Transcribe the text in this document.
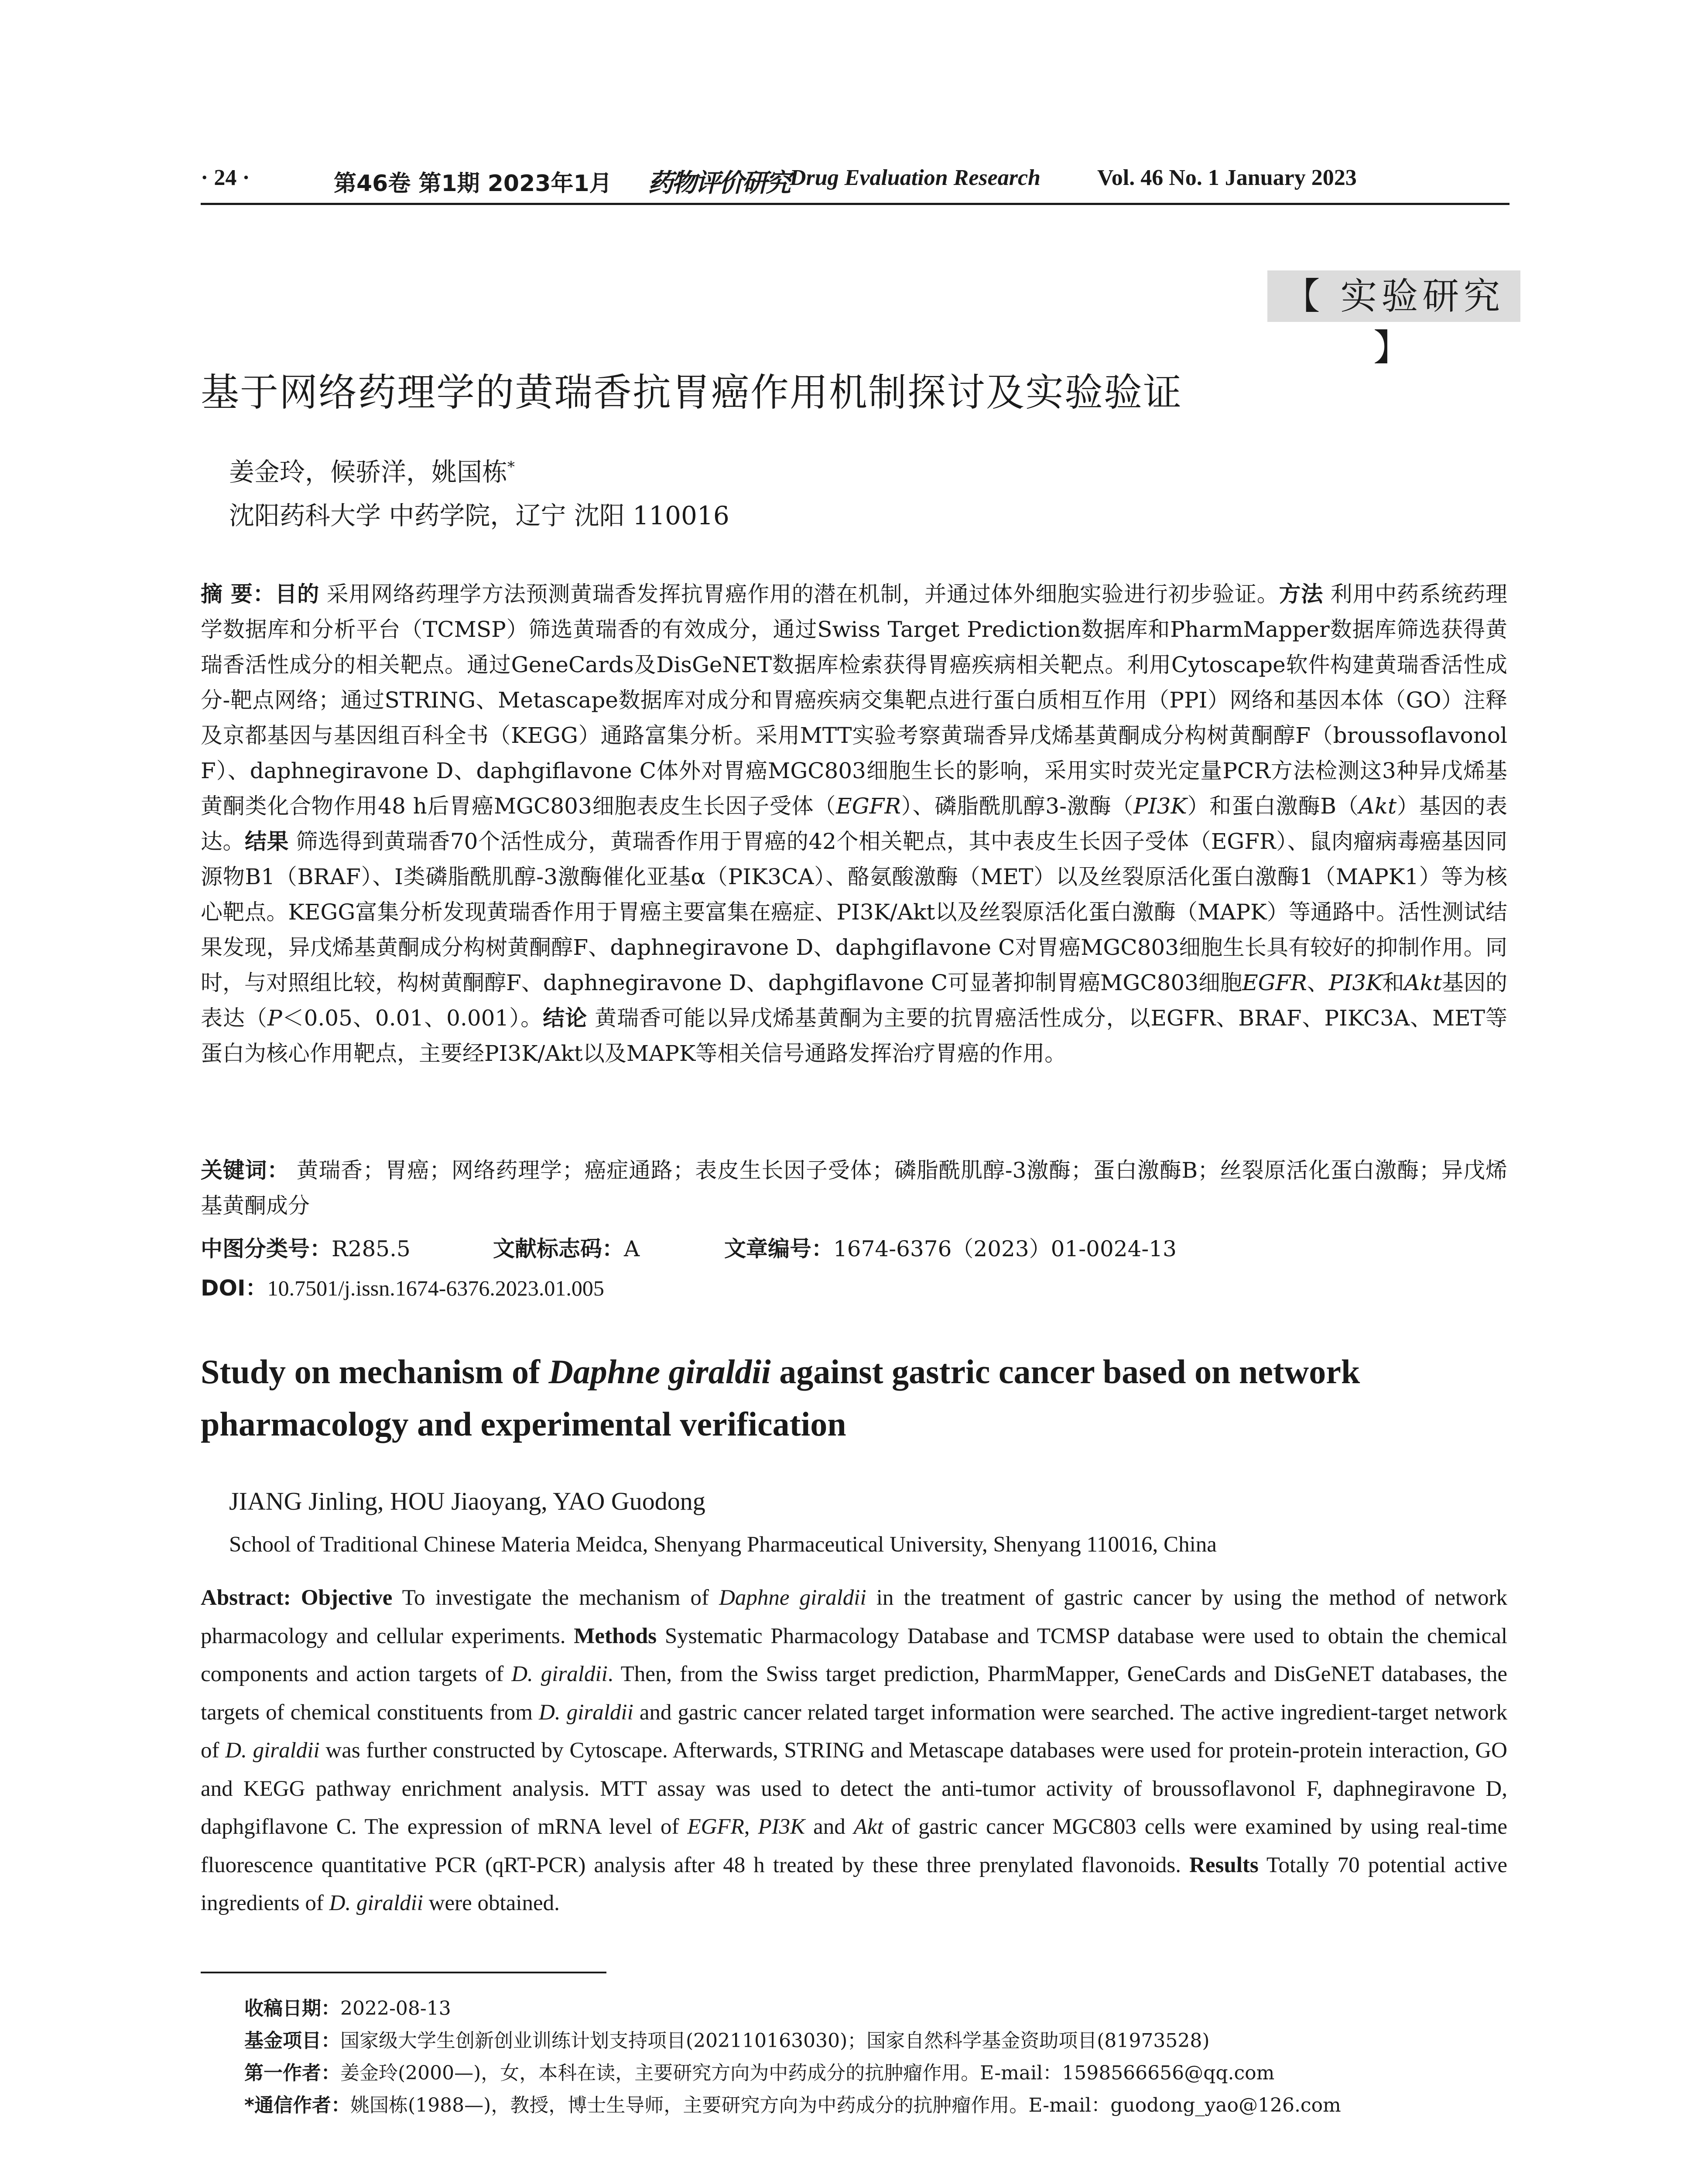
· 24 ·	第46卷 第1期 2023年1月	Drug Evaluation Research	Vol. 46 No. 1 January 2023
药物评价研究
【 实验研究 】
基于网络药理学的黄瑞香抗胃癌作用机制探讨及实验验证
姜金玲，候骄洋，姚国栋*
沈阳药科大学 中药学院，辽宁 沈阳 110016
摘 要：目的 采用网络药理学方法预测黄瑞香发挥抗胃癌作用的潜在机制，并通过体外细胞实验进行初步验证。方法 利用中药系统药理学数据库和分析平台（TCMSP）筛选黄瑞香的有效成分，通过Swiss Target Prediction数据库和PharmMapper数据库筛选获得黄瑞香活性成分的相关靶点。通过GeneCards及DisGeNET数据库检索获得胃癌疾病相关靶点。利用Cytoscape软件构建黄瑞香活性成分-靶点网络；通过STRING、Metascape数据库对成分和胃癌疾病交集靶点进行蛋白质相互作用（PPI）网络和基因本体（GO）注释及京都基因与基因组百科全书（KEGG）通路富集分析。采用MTT实验考察黄瑞香异戊烯基黄酮成分构树黄酮醇F（broussoflavonol F）、daphnegiravone D、daphgiflavone C体外对胃癌MGC803细胞生长的影响，采用实时荧光定量PCR方法检测这3种异戊烯基黄酮类化合物作用48 h后胃癌MGC803细胞表皮生长因子受体（EGFR）、磷脂酰肌醇3-激酶（PI3K）和蛋白激酶B（Akt）基因的表达。结果 筛选得到黄瑞香70个活性成分，黄瑞香作用于胃癌的42个相关靶点，其中表皮生长因子受体（EGFR）、鼠肉瘤病毒癌基因同源物B1（BRAF）、I类磷脂酰肌醇-3激酶催化亚基α（PIK3CA）、酪氨酸激酶（MET）以及丝裂原活化蛋白激酶1（MAPK1）等为核心靶点。KEGG富集分析发现黄瑞香作用于胃癌主要富集在癌症、PI3K/Akt以及丝裂原活化蛋白激酶（MAPK）等通路中。活性测试结果发现，异戊烯基黄酮成分构树黄酮醇F、daphnegiravone D、daphgiflavone C对胃癌MGC803细胞生长具有较好的抑制作用。同时，与对照组比较，构树黄酮醇F、daphnegiravone D、daphgiflavone C可显著抑制胃癌MGC803细胞EGFR、PI3K和Akt基因的表达（P＜0.05、0.01、0.001）。结论 黄瑞香可能以异戊烯基黄酮为主要的抗胃癌活性成分，以EGFR、BRAF、PIKC3A、MET等蛋白为核心作用靶点，主要经PI3K/Akt以及MAPK等相关信号通路发挥治疗胃癌的作用。
关键词： 黄瑞香；胃癌；网络药理学；癌症通路；表皮生长因子受体；磷脂酰肌醇-3激酶；蛋白激酶B；丝裂原活化蛋白激酶；异戊烯基黄酮成分
中图分类号：R285.5	文献标志码：A	文章编号：1674-6376（2023）01-0024-13
DOI：10.7501/j.issn.1674-6376.2023.01.005
Study on mechanism of Daphne giraldii against gastric cancer based on network pharmacology and experimental verification
JIANG Jinling, HOU Jiaoyang, YAO Guodong
School of Traditional Chinese Materia Meidca, Shenyang Pharmaceutical University, Shenyang 110016, China
Abstract: Objective To investigate the mechanism of Daphne giraldii in the treatment of gastric cancer by using the method of network pharmacology and cellular experiments. Methods Systematic Pharmacology Database and TCMSP database were used to obtain the chemical components and action targets of D. giraldii. Then, from the Swiss target prediction, PharmMapper, GeneCards and DisGeNET databases, the targets of chemical constituents from D. giraldii and gastric cancer related target information were searched. The active ingredient-target network of D. giraldii was further constructed by Cytoscape. Afterwards, STRING and Metascape databases were used for protein-protein interaction, GO and KEGG pathway enrichment analysis. MTT assay was used to detect the anti-tumor activity of broussoflavonol F, daphnegiravone D, daphgiflavone C. The expression of mRNA level of EGFR, PI3K and Akt of gastric cancer MGC803 cells were examined by using real-time fluorescence quantitative PCR (qRT-PCR) analysis after 48 h treated by these three prenylated flavonoids. Results Totally 70 potential active ingredients of D. giraldii were obtained.
收稿日期：2022-08-13
基金项目：国家级大学生创新创业训练计划支持项目(202110163030)；国家自然科学基金资助项目(81973528)
第一作者：姜金玲(2000—)，女，本科在读，主要研究方向为中药成分的抗肿瘤作用。E-mail：1598566656@qq.com
*通信作者：姚国栋(1988—)，教授，博士生导师，主要研究方向为中药成分的抗肿瘤作用。E-mail：guodong_yao@126.com
